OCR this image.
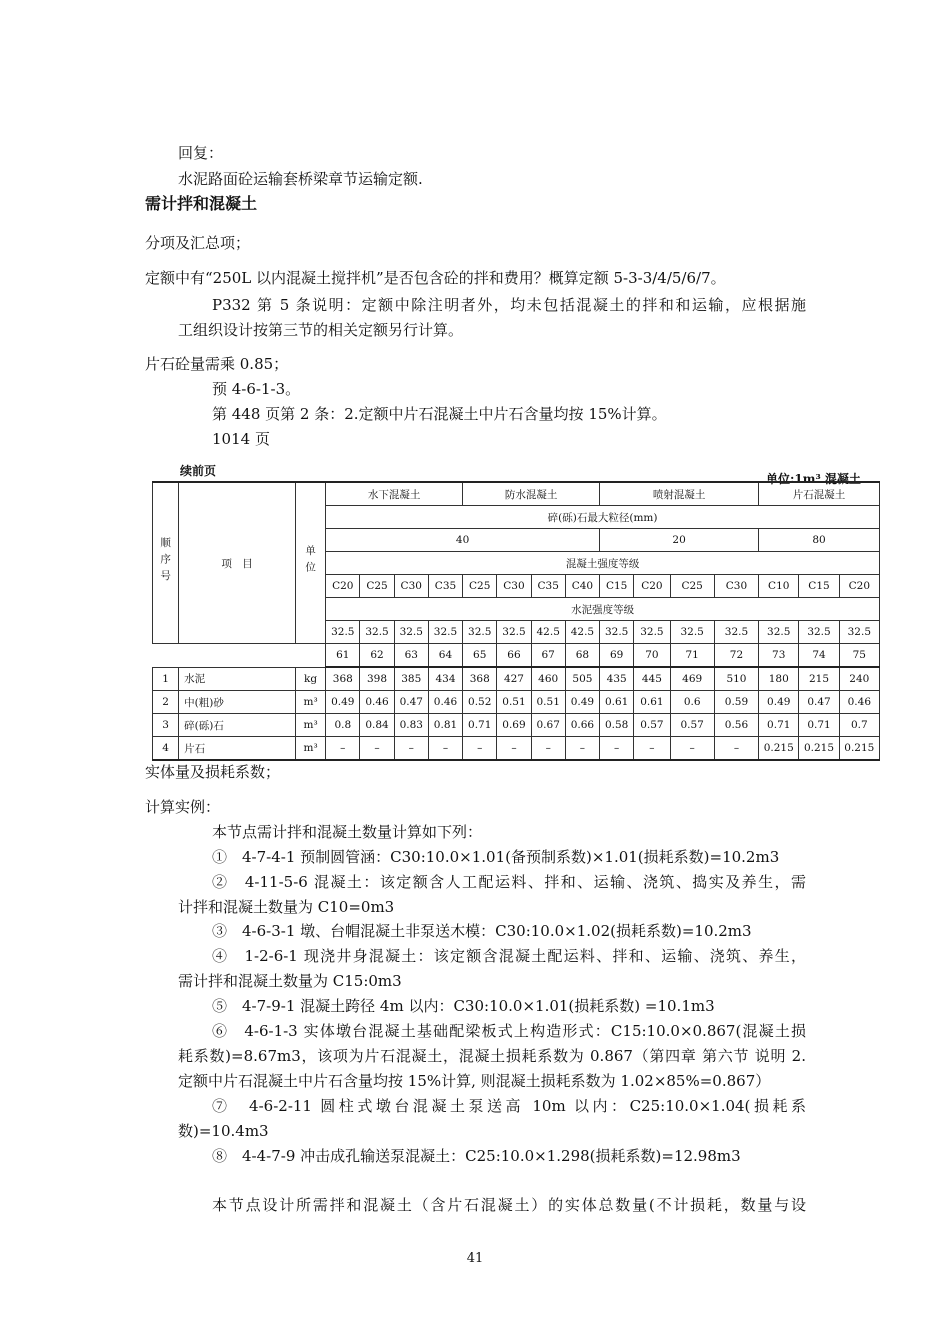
回复：
水泥路面砼运输套桥梁章节运输定额.
需计拌和混凝土
分项及汇总项；
定额中有“250L 以内混凝土搅拌机”是否包含砼的拌和费用？概算定额 5-3-3/4/5/6/7。
P332 第 5 条说明：定额中除注明者外，均未包括混凝土的拌和和运输，应根据施
工组织设计按第三节的相关定额另行计算。
片石砼量需乘 0.85；
预 4-6-1-3。
第 448 页第 2 条：2.定额中片石混凝土中片石含量均按 15%计算。
1014 页
续前页
单位:1m³ 混凝土
顺序号	项　目	单位	水下混凝土				防水混凝土				喷射混凝土				片石混凝土		
			碎(砾)石最大粒径(mm)														
			40								20				80		
			混凝土强度等级														
			C20	C25	C30	C35	C25	C30	C35	C40	C15	C20	C25	C30	C10	C15	C20
			水泥强度等级														
			32.5	32.5	32.5	32.5	32.5	32.5	42.5	42.5	32.5	32.5	32.5	32.5	32.5	32.5	32.5
			61	62	63	64	65	66	67	68	69	70	71	72	73	74	75
1	水泥	kg	368	398	385	434	368	427	460	505	435	445	469	510	180	215	240
2	中(粗)砂	m³	0.49	0.46	0.47	0.46	0.52	0.51	0.51	0.49	0.61	0.61	0.6	0.59	0.49	0.47	0.46
3	碎(砾)石	m³	0.8	0.84	0.83	0.81	0.71	0.69	0.67	0.66	0.58	0.57	0.57	0.56	0.71	0.71	0.7
4	片石	m³	–	–	–	–	–	–	–	–	–	–	–	–	0.215	0.215	0.215
实体量及损耗系数；
计算实例：
本节点需计拌和混凝土数量计算如下列：
①　4-7-4-1 预制圆管涵：C30:10.0×1.01(备预制系数)×1.01(损耗系数)=10.2m3
②　4-11-5-6 混凝土：该定额含人工配运料、拌和、运输、浇筑、捣实及养生，需
计拌和混凝土数量为 C10=0m3
③　4-6-3-1 墩、台帽混凝土非泵送木模：C30:10.0×1.02(损耗系数)=10.2m3
④　1-2-6-1 现浇井身混凝土：该定额含混凝土配运料、拌和、运输、浇筑、养生，
需计拌和混凝土数量为 C15:0m3
⑤　4-7-9-1 混凝土跨径 4m 以内：C30:10.0×1.01(损耗系数) =10.1m3
⑥　4-6-1-3 实体墩台混凝土基础配梁板式上构造形式：C15:10.0×0.867(混凝土损
耗系数)=8.67m3，该项为片石混凝土，混凝土损耗系数为 0.867（第四章 第六节 说明 2.
定额中片石混凝土中片石含量均按 15%计算, 则混凝土损耗系数为 1.02×85%=0.867）
⑦　4-6-2-11 圆柱式墩台混凝土泵送高 10m 以内：C25:10.0×1.04(损耗系
数)=10.4m3
⑧　4-4-7-9 冲击成孔输送泵混凝土：C25:10.0×1.298(损耗系数)=12.98m3
本节点设计所需拌和混凝土（含片石混凝土）的实体总数量(不计损耗，数量与设
41
